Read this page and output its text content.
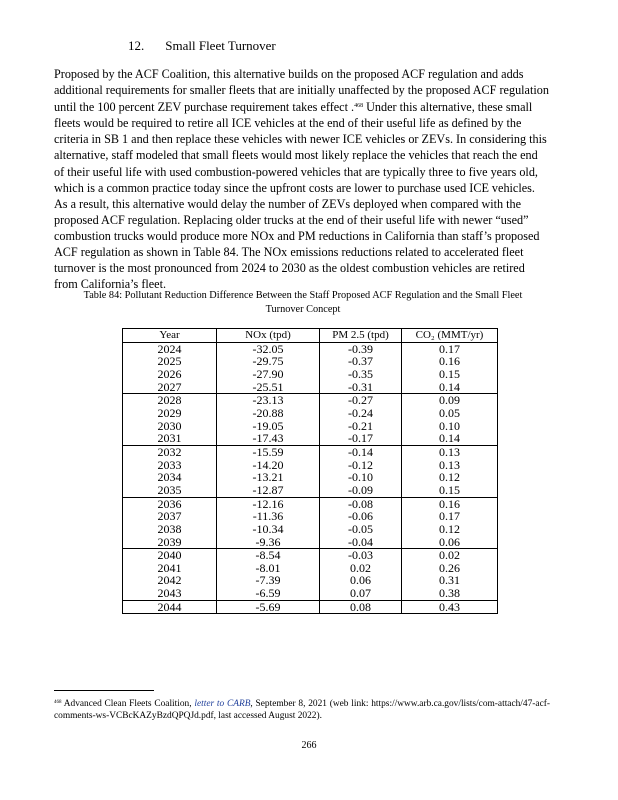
12. Small Fleet Turnover

Proposed by the ACF Coalition, this alternative builds on the proposed ACF regulation and adds additional requirements for smaller fleets that are initially unaffected by the proposed ACF regulation until the 100 percent ZEV purchase requirement takes effect .$^{468}$ Under this alternative, these small fleets would be required to retire all ICE vehicles at the end of their useful life as defined by the criteria in SB 1 and then replace these vehicles with newer ICE vehicles or ZEVs. In considering this alternative, staff modeled that small fleets would most likely replace the vehicles that reach the end of their useful life with used combustion-powered vehicles that are typically three to five years old, which is a common practice today since the upfront costs are lower to purchase used ICE vehicles. As a result, this alternative would delay the number of ZEVs deployed when compared with the proposed ACF regulation. Replacing older trucks at the end of their useful life with newer “used” combustion trucks would produce more NOx and PM reductions in California than staff’s proposed ACF regulation as shown in Table 84. The NOx emissions reductions related to accelerated fleet turnover is the most pronounced from 2024 to 2030 as the oldest combustion vehicles are retired from California’s fleet.

Table 84: Pollutant Reduction Difference Between the Staff Proposed ACF Regulation and the Small Fleet Turnover Concept
Year	NOx (tpd)	PM 2.5 (tpd)	CO₂ (MMT/yr)
2024	-32.05	-0.39	0.17
2025	-29.75	-0.37	0.16
2026	-27.90	-0.35	0.15
2027	-25.51	-0.31	0.14
2028	-23.13	-0.27	0.09
2029	-20.88	-0.24	0.05
2030	-19.05	-0.21	0.10
2031	-17.43	-0.17	0.14
2032	-15.59	-0.14	0.13
2033	-14.20	-0.12	0.13
2034	-13.21	-0.10	0.12
2035	-12.87	-0.09	0.15
2036	-12.16	-0.08	0.16
2037	-11.36	-0.06	0.17
2038	-10.34	-0.05	0.12
2039	-9.36	-0.04	0.06
2040	-8.54	-0.03	0.02
2041	-8.01	0.02	0.26
2042	-7.39	0.06	0.31
2043	-6.59	0.07	0.38
2044	-5.69	0.08	0.43
$^{468}$ Advanced Clean Fleets Coalition, letter to CARB, September 8, 2021 (web link: https://www.arb.ca.gov/lists/com-attach/47-acf-comments-ws-VCBcKAZyBzdQPQJd.pdf, last accessed August 2022).
266
